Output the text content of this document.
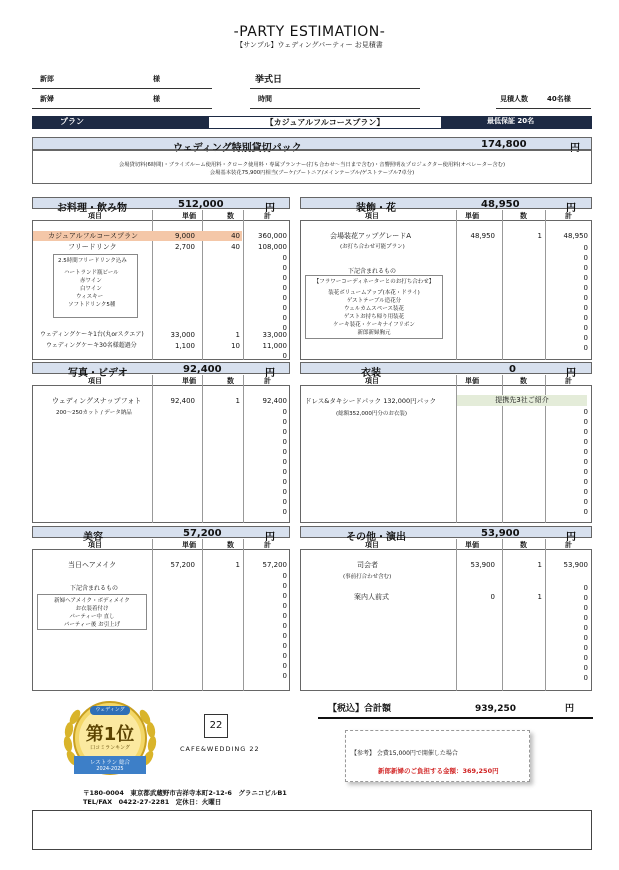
-PARTY ESTIMATION-
【サンプル】ウェディングパーティー お見積書
新郎	様
新婦	様
挙式日
時間	見積人数	40名様
プラン	【カジュアルフルコースプラン】	最低保証 20名
ウェディング特別貸切パック	174,800	円
会場貸切料(6時間)・ブライズルーム使用料・クローク使用料・専属プランナー(打ち合わせ～当日まで含む)・音響照明＆プロジェクター使用料(オペレーター含む)
会場基本装花75,900円相当(ブーケ/ブートニア/メインテーブル/ゲストテーブル7卓分)
お料理・飲み物	512,000	円
項目	単価	数	計
カジュアルフルコースプラン	9,000	40	360,000
フリードリンク	2,700	40	108,000
2.5時間フリードリンク込み
ハートランド瓶ビール
赤ワイン
白ワイン
ウィスキー
ソフトドリンク5種
ウェディングケーキ1台(丸orスクエア)	33,000	1	33,000
ウェディングケーキ30名様超過分	1,100	10	11,000
0
0
0
0
0
0
0
0
0
装飾・花	48,950	円
項目	単価	数	計
会場装花アップグレードA
(お打ち合わせ可能プラン)
48,950	1	48,950
下記含まれるもの
【フラワーコーディネーターとのお打ち合わせ】
装花ボリュームアップ(本花・ドライ)
ゲストテーブル造花分
ウェルカムスペース装花
ゲストお持ち帰り用装花
ケーキ装花・ケーキナイフリボン
新郎新婦胸元
0
0
0
0
0
0
0
0
0
0
0
写真・ビデオ	92,400	円
項目	単価	数	計
ウェディングスナップフォト
200～250カット / データ納品
92,400	1	92,400
0
0
0
0
0
0
0
0
0
0
0
衣装	0	円
項目	単価	数	計
ドレス&タキシードパック 132,000円パック
(総額352,000円分のお衣装)
提携先3社ご紹介
0
0
0
0
0
0
0
0
0
0
0
美容	57,200	円
項目	単価	数	計
当日ヘアメイク	57,200	1	57,200
下記含まれるもの
新婦ヘアメイク・ボディメイク
お衣装着付け
パーティー中 直し
パーティー後 お引上げ
0
0
0
0
0
0
0
0
0
0
0
その他・演出	53,900	円
項目	単価	数	計
司会者
(事前打合わせ含む)
53,900	1	53,900
案内人前式	0	1
0
0
0
0
0
0
0
0
0
0
【税込】合計額	939,250	円
【参考】 会費15,000円で開催した場合
新郎新婦のご負担する金額：369,250円
ウェディング
第1位
口コミランキング
レストラン 総合
2024-2025
22
CAFE&WEDDING 22
〒180-0004　東京都武蔵野市吉祥寺本町2-12-6　グラニコビルB1
TEL/FAX　0422-27-2281　定休日：火曜日
